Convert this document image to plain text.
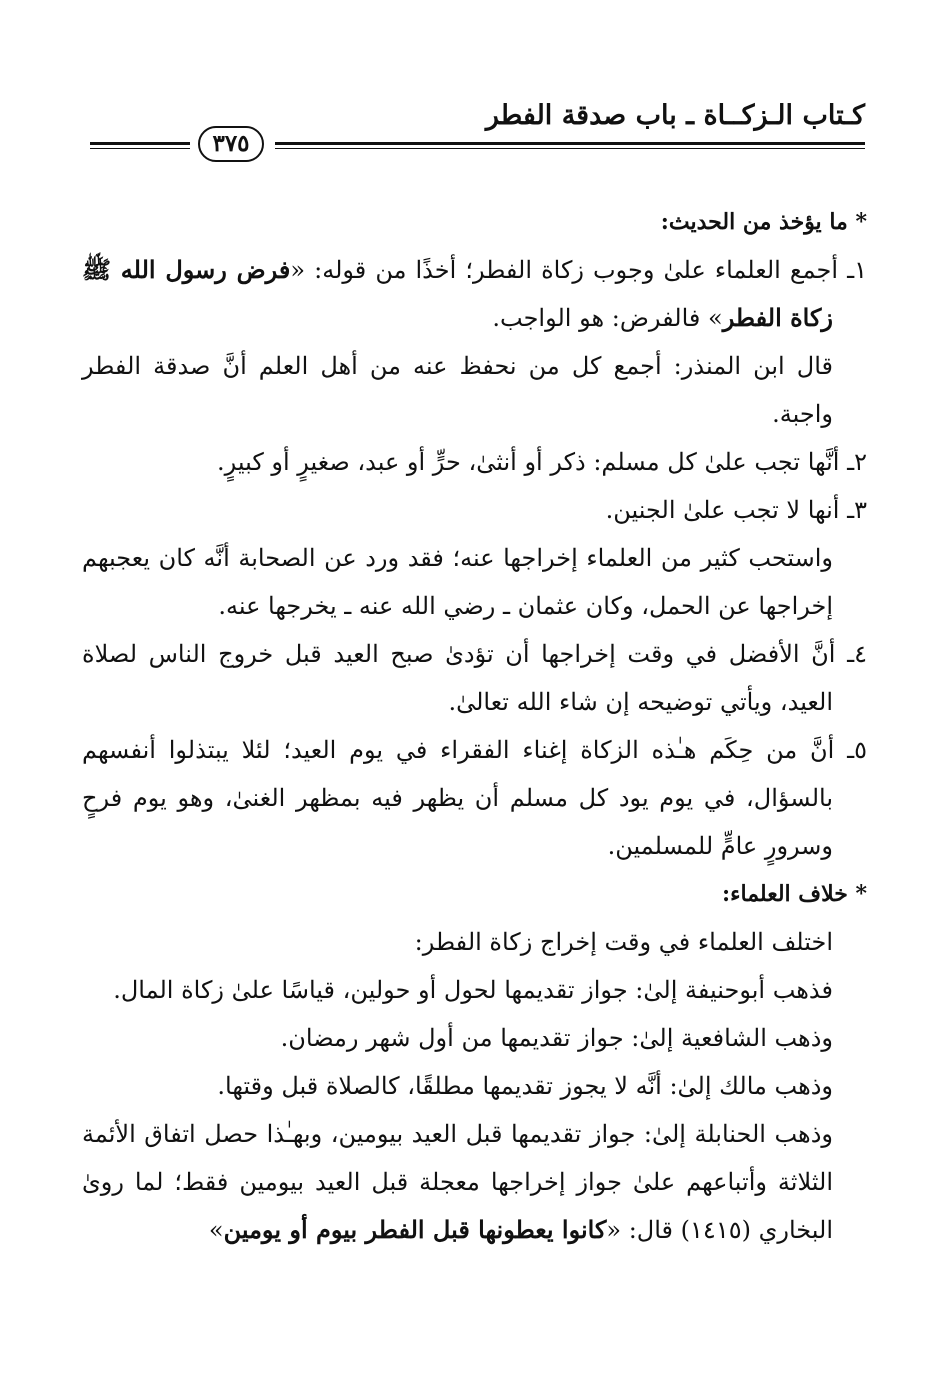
كـتاب الـزكــاة ـ باب صدقة الفطر
٣٧٥

* ما يؤخذ من الحديث:

١ـ أجمع العلماء علىٰ وجوب زكاة الفطر؛ أخذًا من قوله: «فرض رسول الله ﷺ زكاة الفطر» فالفرض: هو الواجب.

قال ابن المنذر: أجمع كل من نحفظ عنه من أهل العلم أنَّ صدقة الفطر واجبة.

٢ـ أنَّها تجب علىٰ كل مسلم: ذكر أو أنثىٰ، حرٍّ أو عبد، صغيرٍ أو كبيرٍ.

٣ـ أنها لا تجب علىٰ الجنين.

واستحب كثير من العلماء إخراجها عنه؛ فقد ورد عن الصحابة أنَّه كان يعجبهم إخراجها عن الحمل، وكان عثمان ـ رضي الله عنه ـ يخرجها عنه.

٤ـ أنَّ الأفضل في وقت إخراجها أن تؤدىٰ صبح العيد قبل خروج الناس لصلاة العيد، ويأتي توضيحه إن شاء الله تعالىٰ.

٥ـ أنَّ من حِكَم هـٰذه الزكاة إغناء الفقراء في يوم العيد؛ لئلا يبتذلوا أنفسهم بالسؤال، في يوم يود كل مسلم أن يظهر فيه بمظهر الغنىٰ، وهو يوم فرحٍ وسرورٍ عامٍّ للمسلمين.

* خلاف العلماء:

اختلف العلماء في وقت إخراج زكاة الفطر:

فذهب أبوحنيفة إلىٰ: جواز تقديمها لحول أو حولين، قياسًا علىٰ زكاة المال.

وذهب الشافعية إلىٰ: جواز تقديمها من أول شهر رمضان.

وذهب مالك إلىٰ: أنَّه لا يجوز تقديمها مطلقًا، كالصلاة قبل وقتها.

وذهب الحنابلة إلىٰ: جواز تقديمها قبل العيد بيومين، وبهـٰذا حصل اتفاق الأئمة الثلاثة وأتباعهم علىٰ جواز إخراجها معجلة قبل العيد بيومين فقط؛ لما روىٰ البخاري (١٤١٥) قال: «كانوا يعطونها قبل الفطر بيوم أو يومين»
